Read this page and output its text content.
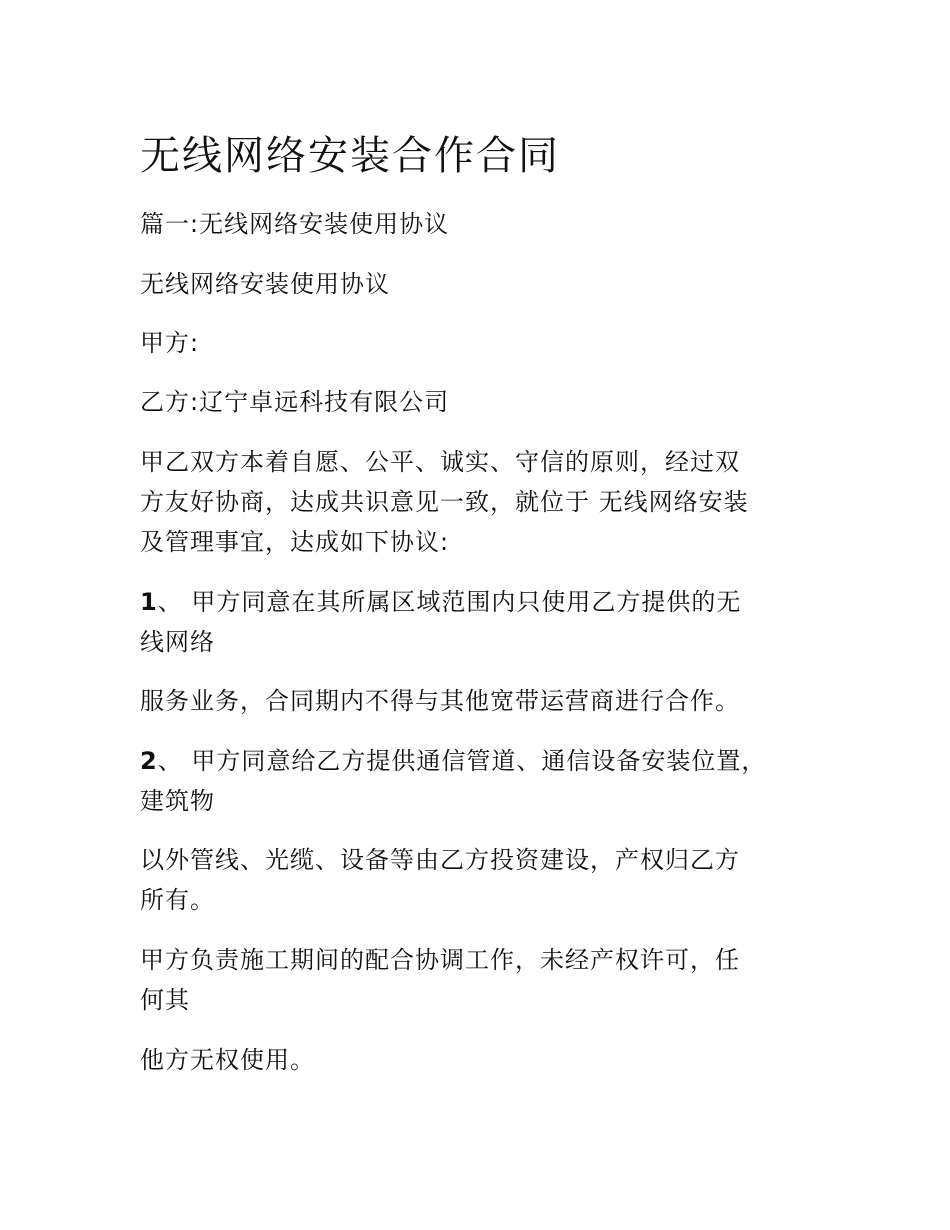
无线网络安装合作合同

篇一:无线网络安装使用协议

无线网络安装使用协议

甲方:

乙方:辽宁卓远科技有限公司

甲乙双方本着自愿、公平、诚实、守信的原则，经过双
方友好协商，达成共识意见一致，就位于 无线网络安装
及管理事宜，达成如下协议:

1、 甲方同意在其所属区域范围内只使用乙方提供的无
线网络

服务业务，合同期内不得与其他宽带运营商进行合作。

2、 甲方同意给乙方提供通信管道、通信设备安装位置，
建筑物

以外管线、光缆、设备等由乙方投资建设，产权归乙方
所有。

甲方负责施工期间的配合协调工作，未经产权许可，任
何其

他方无权使用。
